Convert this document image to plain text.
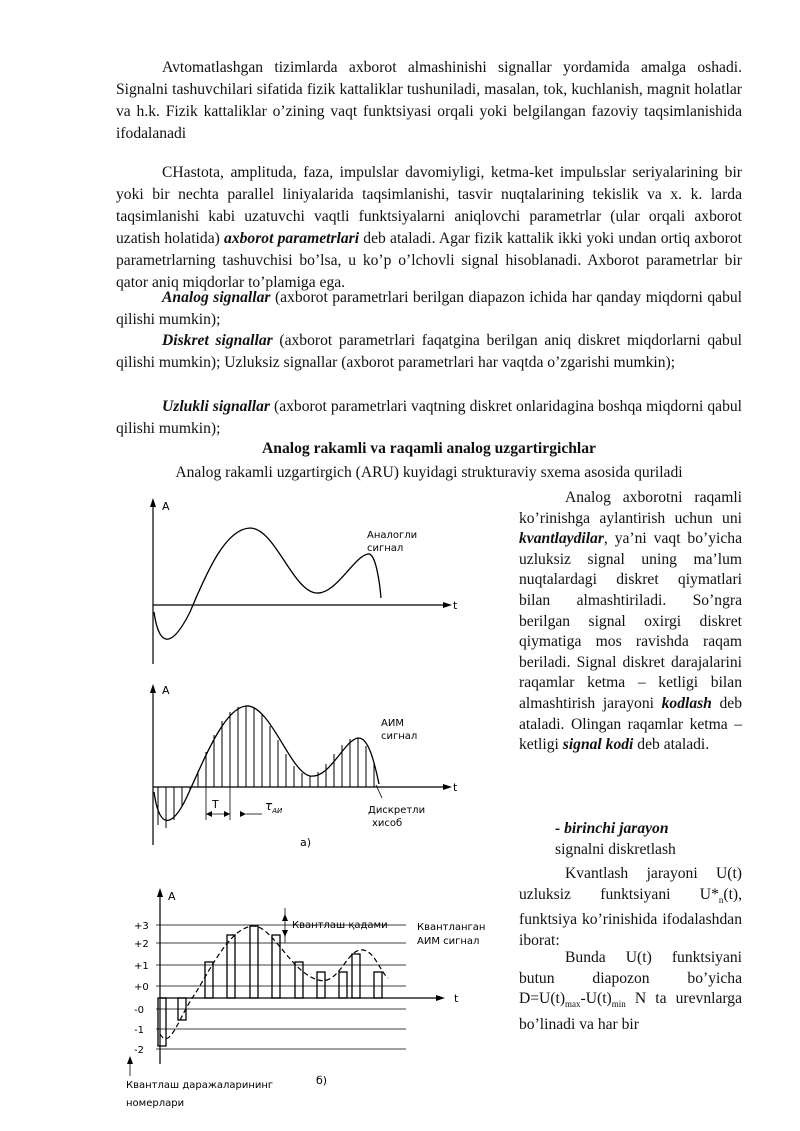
Avtomatlashgan tizimlarda axborot almashinishi signallar yordamida amalga oshadi. Signalni tashuvchilari sifatida fizik kattaliklar tushuniladi, masalan, tok, kuchlanish, magnit holatlar va h.k. Fizik kattaliklar o’zining vaqt funktsiyasi orqali yoki belgilangan fazoviy taqsimlanishida ifodalanadi

CHastota, amplituda, faza, impulslar davomiyligi, ketma-ket impulьslar seriyalarining bir yoki bir nechta parallel liniyalarida taqsimlanishi, tasvir nuqtalarining tekislik va x. k. larda taqsimlanishi kabi uzatuvchi vaqtli funktsiyalarni aniqlovchi parametrlar (ular orqali axborot uzatish holatida) axborot parametrlari deb ataladi. Agar fizik kattalik ikki yoki undan ortiq axborot parametrlarning tashuvchisi bo’lsa, u ko’p o’lchovli signal hisoblanadi. Axborot parametrlar bir qator aniq miqdorlar to’plamiga ega.

Analog signallar (axborot parametrlari berilgan diapazon ichida har qanday miqdorni qabul qilishi mumkin);

Diskret signallar (axborot parametrlari faqatgina berilgan aniq diskret miqdorlarni qabul qilishi mumkin); Uzluksiz signallar (axborot parametrlari har vaqtda o’zgarishi mumkin);

Uzlukli signallar (axborot parametrlari vaqtning diskret onlaridagina boshqa miqdorni qabul qilishi mumkin);

Analog rakamli va raqamli analog uzgartirgichlar

Analog rakamli uzgartirgich (ARU) kuyidagi strukturaviy sxema asosida quriladi

Analog axborotni raqamli ko’rinishga aylantirish uchun uni kvantlaydilar, ya’ni vaqt bo’yicha uzluksiz signal uning ma’lum nuqtalardagi diskret qiymatlari bilan almashtiriladi. So’ngra berilgan signal oxirgi diskret qiymatiga mos ravishda raqam beriladi. Signal diskret darajalarini raqamlar ketma – ketligi bilan almashtirish jarayoni kodlash deb ataladi. Olingan raqamlar ketma – ketligi signal kodi deb ataladi.

- birinchi jarayon
signalni diskretlash

Kvantlash jarayoni U(t) uzluksiz funktsiyani $U*_n(t)$, funktsiya ko’rinishida ifodalashdan iborat:

Bunda U(t) funktsiyani butun diapozon bo’yicha $D=U(t)_{max}-U(t)_{min}$ N ta urevnlarga bo’linadi va har bir

A
t
Аналогли
сигнал
A
t
АИМ
сигнал
T	$\tau_{АИ}$	Дискретли
хисоб
а)
A
t
+3
+2
+1
+0
-0
-1
-2
Квантлаш қадами	Квантланган
АИМ сигнал
Квантлаш даражаларининг
номерлари
б)
